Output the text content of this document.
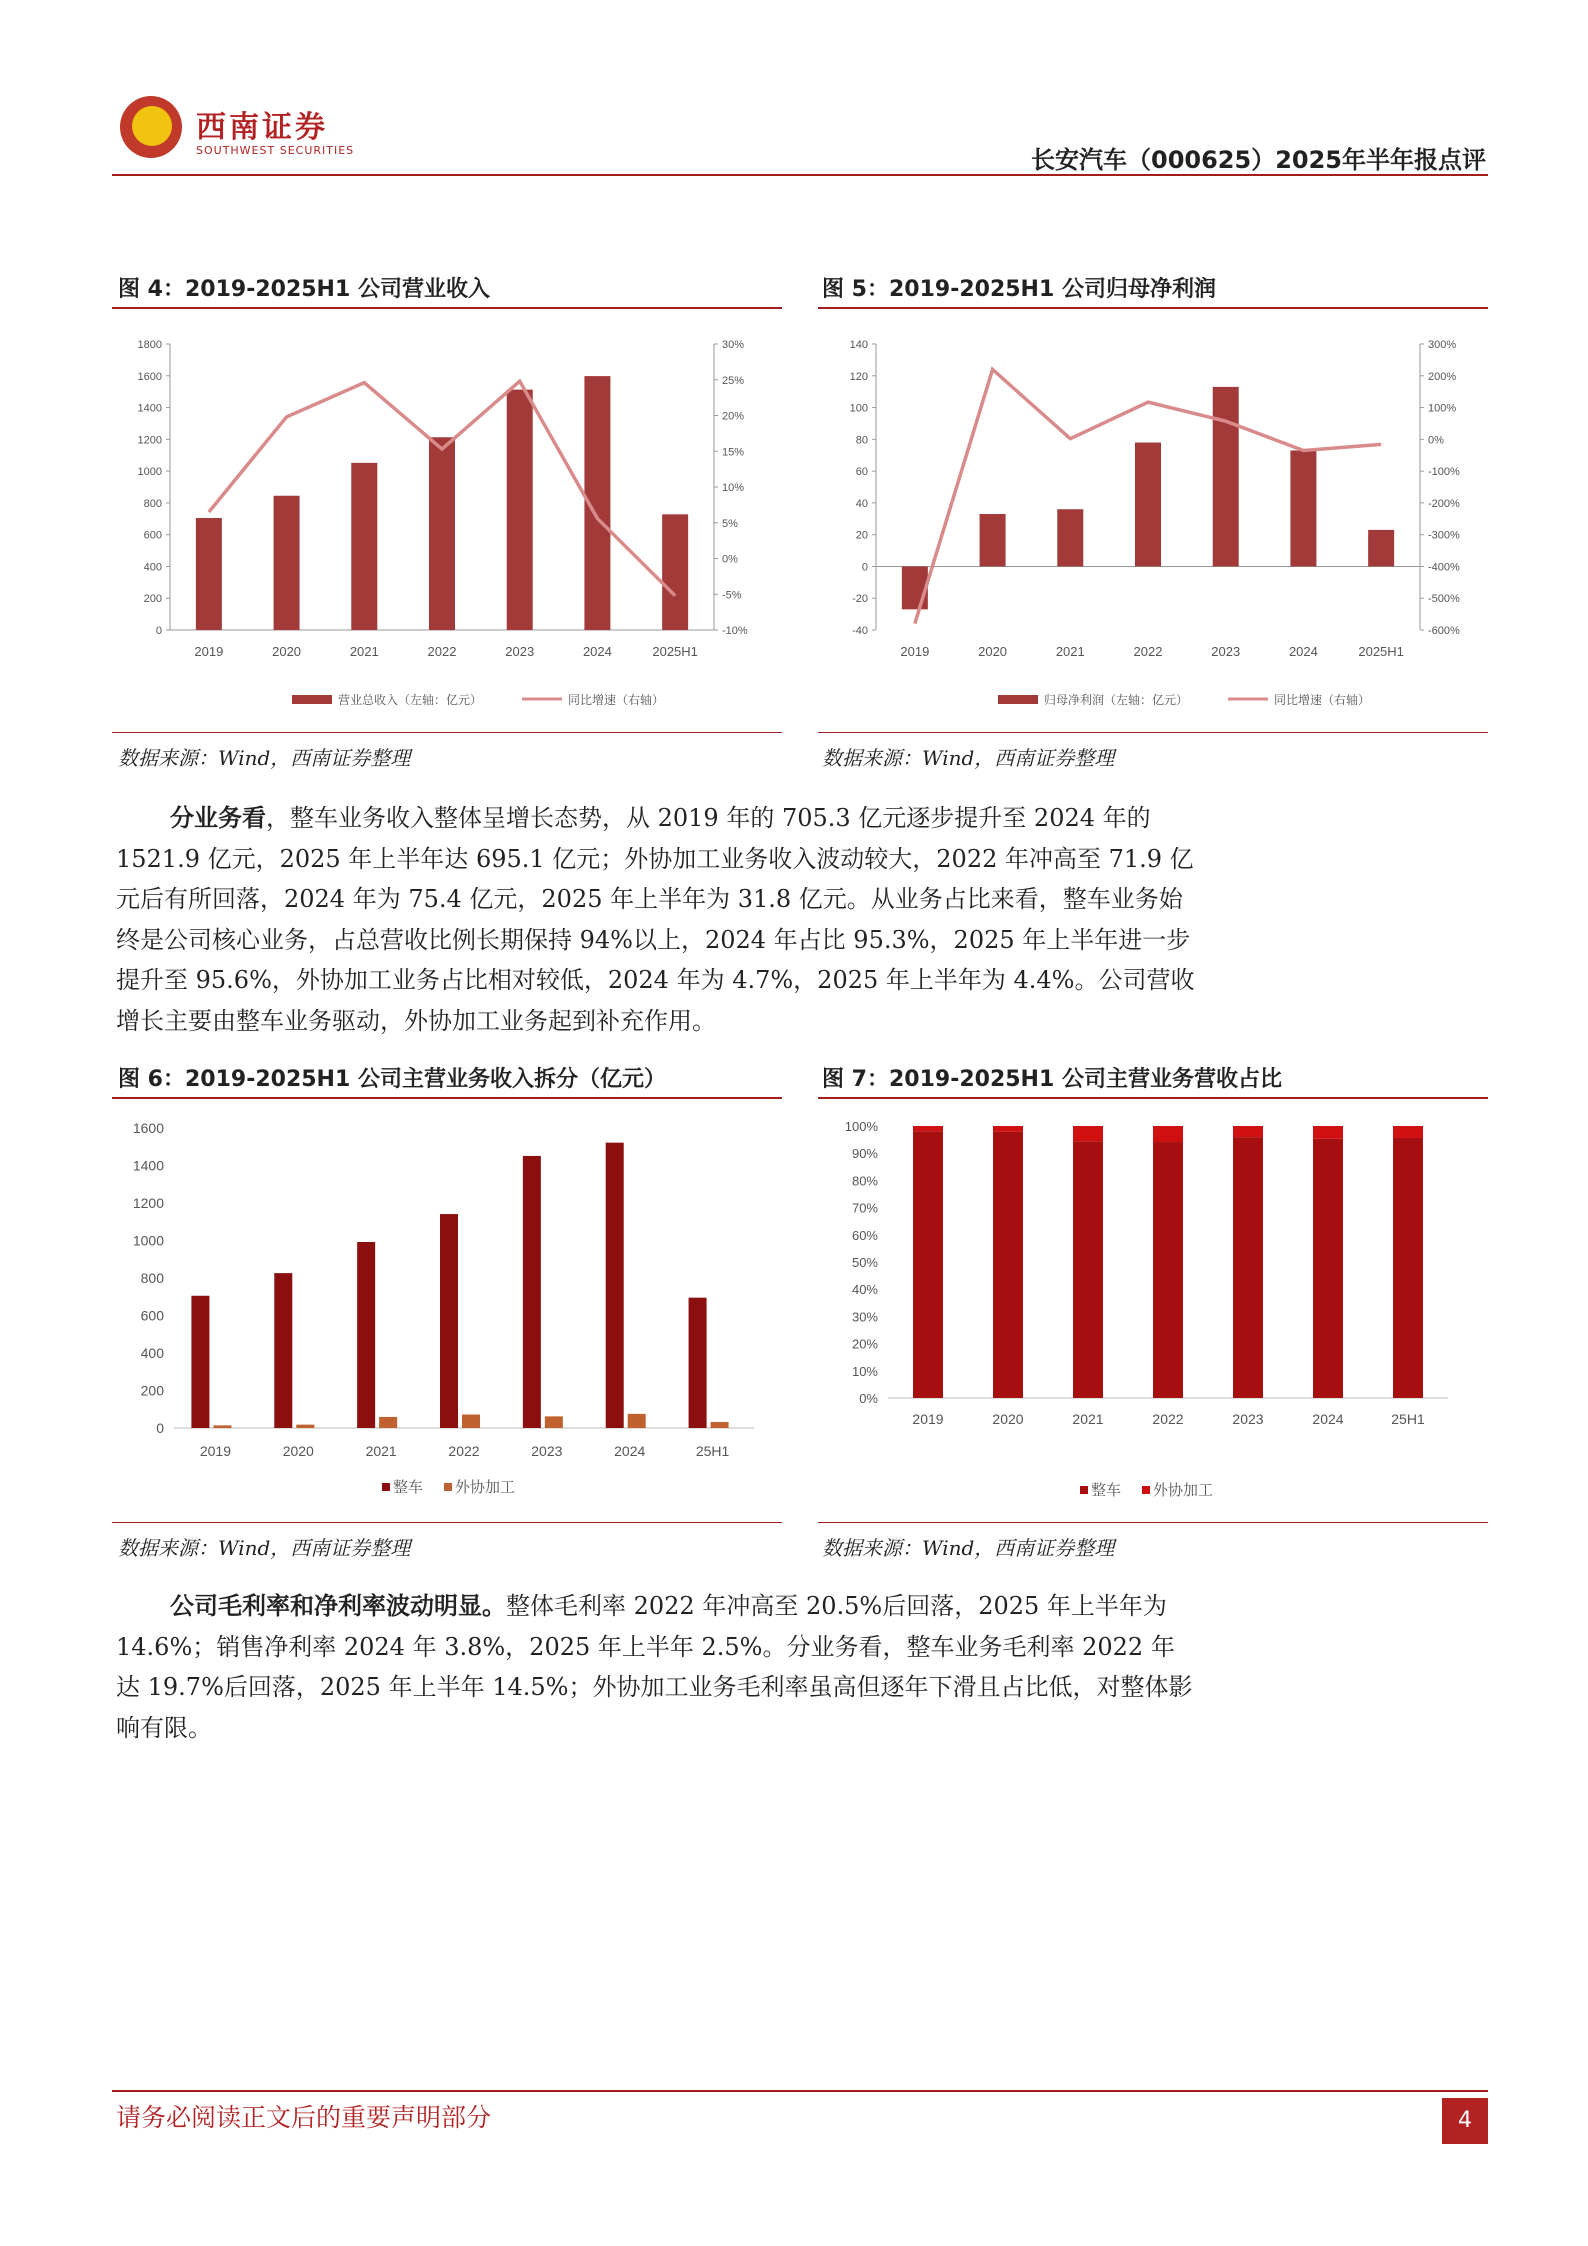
西南证券
SOUTHWEST SECURITIES	长安汽车（000625）2025年半年报点评
图 4：2019-2025H1 公司营业收入
0
200
400
600
800
1000
1200
1400
1600
1800
-10%
-5%
0%
5%
10%
15%
20%
25%
30%
2019	2020	2021	2022	2023	2024	2025H1
营业总收入（左轴：亿元）	同比增速（右轴）
数据来源：Wind，西南证券整理
图 5：2019-2025H1 公司归母净利润
-40
-20
0
20
40
60
80
100
120
140
-600%
-500%
-400%
-300%
-200%
-100%
0%
100%
200%
300%
2019	2020	2021	2022	2023	2024	2025H1
归母净利润（左轴：亿元）	同比增速（右轴）
数据来源：Wind，西南证券整理
分业务看，整车业务收入整体呈增长态势，从 2019 年的 705.3 亿元逐步提升至 2024 年的 1521.9 亿元，2025 年上半年达 695.1 亿元；外协加工业务收入波动较大，2022 年冲高至 71.9 亿元后有所回落，2024 年为 75.4 亿元，2025 年上半年为 31.8 亿元。从业务占比来看，整车业务始终是公司核心业务，占总营收比例长期保持 94%以上，2024 年占比 95.3%，2025 年上半年进一步提升至 95.6%，外协加工业务占比相对较低，2024 年为 4.7%，2025 年上半年为 4.4%。公司营收增长主要由整车业务驱动，外协加工业务起到补充作用。
图 6：2019-2025H1 公司主营业务收入拆分（亿元）
0
200
400
600
800
1000
1200
1400
1600
2019	2020	2021	2022	2023	2024	25H1
整车 外协加工
数据来源：Wind，西南证券整理
图 7：2019-2025H1 公司主营业务营收占比
0%
10%
20%
30%
40%
50%
60%
70%
80%
90%
100%
2019	2020	2021	2022	2023	2024	25H1
整车 外协加工
数据来源：Wind，西南证券整理
公司毛利率和净利率波动明显。整体毛利率 2022 年冲高至 20.5%后回落，2025 年上半年为 14.6%；销售净利率 2024 年 3.8%，2025 年上半年 2.5%。分业务看，整车业务毛利率 2022 年达 19.7%后回落，2025 年上半年 14.5%；外协加工业务毛利率虽高但逐年下滑且占比低，对整体影响有限。
请务必阅读正文后的重要声明部分	4
